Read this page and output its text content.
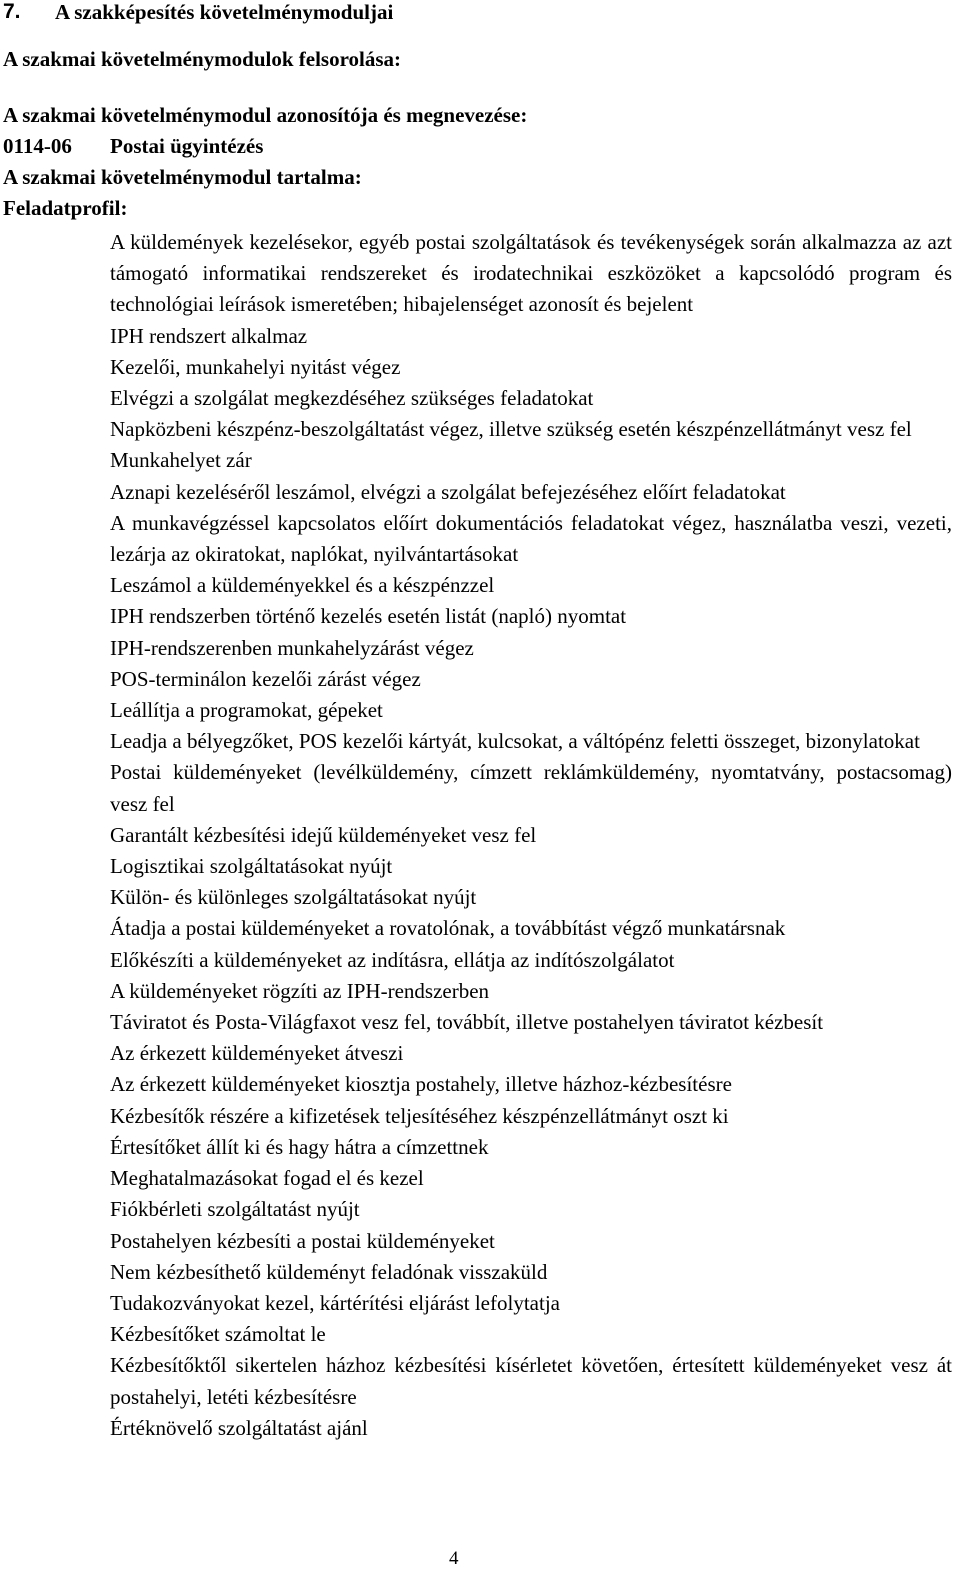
7. A szakképesítés követelménymoduljai
A szakmai követelménymodulok felsorolása:
A szakmai követelménymodul azonosítója és megnevezése:
0114-06 Postai ügyintézés
A szakmai követelménymodul tartalma:
Feladatprofil:
A küldemények kezelésekor, egyéb postai szolgáltatások és tevékenységek során alkalmazza az azt támogató informatikai rendszereket és irodatechnikai eszközöket a kapcsolódó program és technológiai leírások ismeretében; hibajelenséget azonosít és bejelent
IPH rendszert alkalmaz
Kezelői, munkahelyi nyitást végez
Elvégzi a szolgálat megkezdéséhez szükséges feladatokat
Napközbeni készpénz-beszolgáltatást végez, illetve szükség esetén készpénzellátmányt vesz fel
Munkahelyet zár
Aznapi kezeléséről leszámol, elvégzi a szolgálat befejezéséhez előírt feladatokat
A munkavégzéssel kapcsolatos előírt dokumentációs feladatokat végez, használatba veszi, vezeti, lezárja az okiratokat, naplókat, nyilvántartásokat
Leszámol a küldeményekkel és a készpénzzel
IPH rendszerben történő kezelés esetén listát (napló) nyomtat
IPH-rendszerenben munkahelyzárást végez
POS-terminálon kezelői zárást végez
Leállítja a programokat, gépeket
Leadja a bélyegzőket, POS kezelői kártyát, kulcsokat, a váltópénz feletti összeget, bizonylatokat
Postai küldeményeket (levélküldemény, címzett reklámküldemény, nyomtatvány, postacsomag) vesz fel
Garantált kézbesítési idejű küldeményeket vesz fel
Logisztikai szolgáltatásokat nyújt
Külön- és különleges szolgáltatásokat nyújt
Átadja a postai küldeményeket a rovatolónak, a továbbítást végző munkatársnak
Előkészíti a küldeményeket az indításra, ellátja az indítószolgálatot
A küldeményeket rögzíti az IPH-rendszerben
Táviratot és Posta-Világfaxot vesz fel, továbbít, illetve postahelyen táviratot kézbesít
Az érkezett küldeményeket átveszi
Az érkezett küldeményeket kiosztja postahely, illetve házhoz-kézbesítésre
Kézbesítők részére a kifizetések teljesítéséhez készpénzellátmányt oszt ki
Értesítőket állít ki és hagy hátra a címzettnek
Meghatalmazásokat fogad el és kezel
Fiókbérleti szolgáltatást nyújt
Postahelyen kézbesíti a postai küldeményeket
Nem kézbesíthető küldeményt feladónak visszaküld
Tudakozványokat kezel, kártérítési eljárást lefolytatja
Kézbesítőket számoltat le
Kézbesítőktől sikertelen házhoz kézbesítési kísérletet követően, értesített küldeményeket vesz át postahelyi, letéti kézbesítésre
Értéknövelő szolgáltatást ajánl
4
